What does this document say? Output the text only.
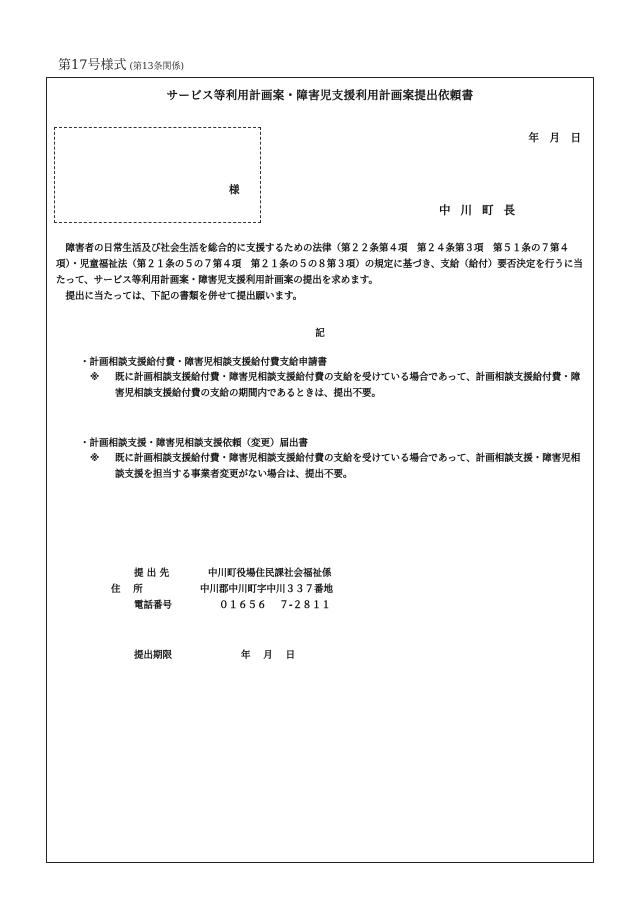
第17号様式 (第13条関係)
サービス等利用計画案・障害児支援利用計画案提出依頼書
様
年　月　日
中川町長

障害者の日常生活及び社会生活を総合的に支援するための法律（第２２条第４項　第２４条第３項　第５１条の７第４項）・児童福祉法（第２１条の５の７第４項　第２１条の５の８第３項）の規定に基づき、支給（給付）要否決定を行うに当たって、サービス等利用計画案・障害児支援利用計画案の提出を求めます。

提出に当たっては、下記の書類を併せて提出願います。

記
・計画相談支援給付費・障害児相談支援給付費支給申請書
※	既に計画相談支援給付費・障害児相談支援給付費の支給を受けている場合であって、計画相談支援給付費・障害児相談支援給付費の支給の期間内であるときは、提出不要。
・計画相談支援・障害児相談支援依頼（変更）届出書
※	既に計画相談支援給付費・障害児相談支援給付費の支給を受けている場合であって、計画相談支援・障害児相談支援を担当する事業者変更がない場合は、提出不要。
提 出 先	中川町役場住民課社会福祉係
住　 所	中川郡中川町字中川３３７番地
電話番号	０１６５６　 ７-２８１１
提出期限	年　 月　 日
